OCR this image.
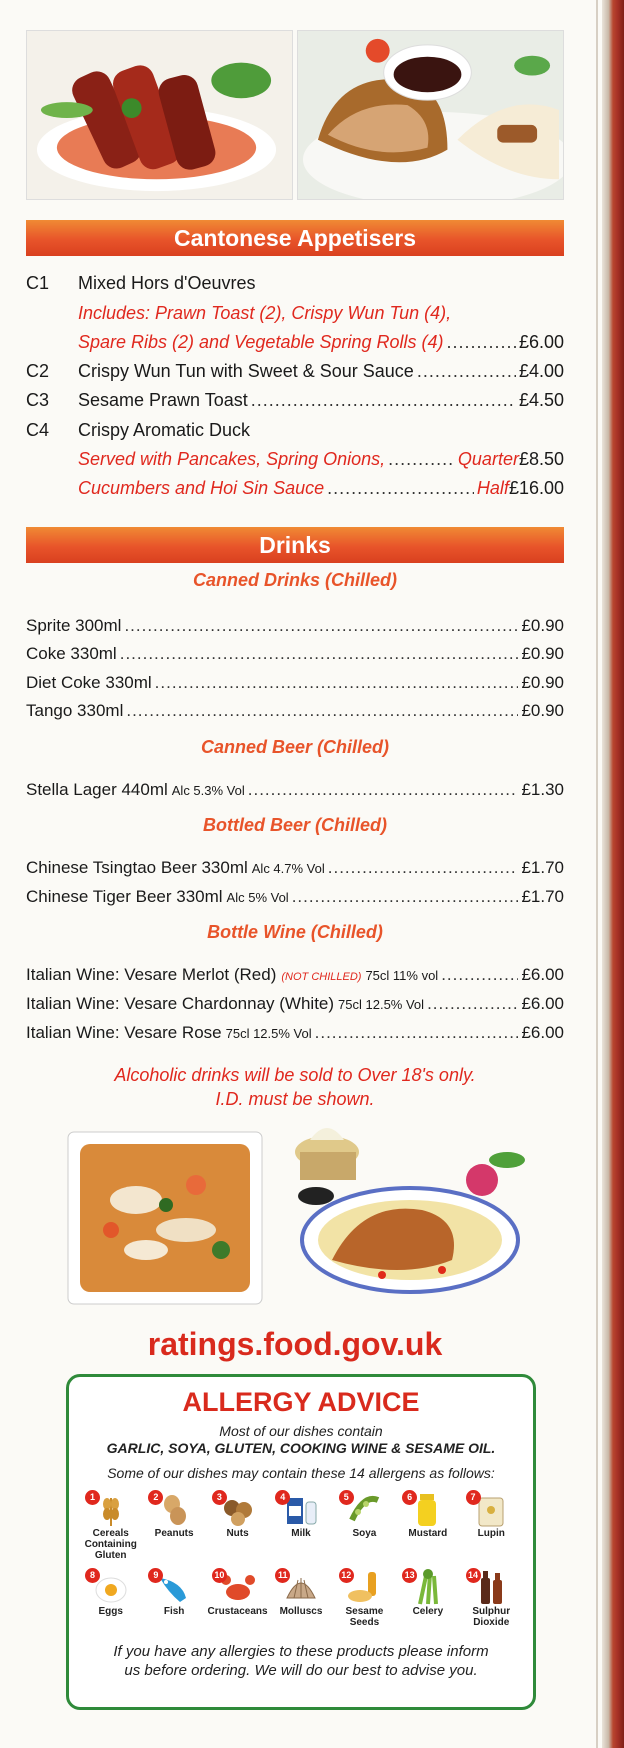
Cantonese Appetisers
C1	Mixed Hors d'Oeuvres
Includes: Prawn Toast (2), Crispy Wun Tun (4),
Spare Ribs (2) and Vegetable Spring Rolls (4) .....	£6.00
C2	Crispy Wun Tun with Sweet & Sour Sauce .....	£4.00
C3	Sesame Prawn Toast .....	£4.50
C4	Crispy Aromatic Duck
Served with Pancakes, Spring Onions, .....	Quarter £8.50
Cucumbers and Hoi Sin Sauce .....	Half £16.00
Drinks
Canned Drinks (Chilled)
Sprite 300ml .....	£0.90
Coke 330ml .....	£0.90
Diet Coke 330ml .....	£0.90
Tango 330ml .....	£0.90
Canned Beer (Chilled)
Stella Lager 440ml Alc 5.3% Vol .....	£1.30
Bottled Beer (Chilled)
Chinese Tsingtao Beer 330ml Alc 4.7% Vol .....	£1.70
Chinese Tiger Beer 330ml Alc 5% Vol .....	£1.70
Bottle Wine (Chilled)
Italian Wine: Vesare Merlot (Red) (NOT CHILLED) 75cl 11% vol .....	£6.00
Italian Wine: Vesare Chardonnay (White) 75cl 12.5% Vol .....	£6.00
Italian Wine: Vesare Rose 75cl 12.5% Vol .....	£6.00
Alcoholic drinks will be sold to Over 18's only.
I.D. must be shown.
ratings.food.gov.uk
ALLERGY ADVICE
Most of our dishes contain
GARLIC, SOYA, GLUTEN, COOKING WINE & SESAME OIL.
Some of our dishes may contain these 14 allergens as follows:
1
Cereals Containing Gluten
2
Peanuts
3
Nuts
4
Milk
5
Soya
6
Mustard
7
Lupin
8
Eggs
9
Fish
10
Crustaceans
11
Molluscs
12
Sesame Seeds
13
Celery
14
Sulphur Dioxide
If you have any allergies to these products please inform
us before ordering. We will do our best to advise you.
